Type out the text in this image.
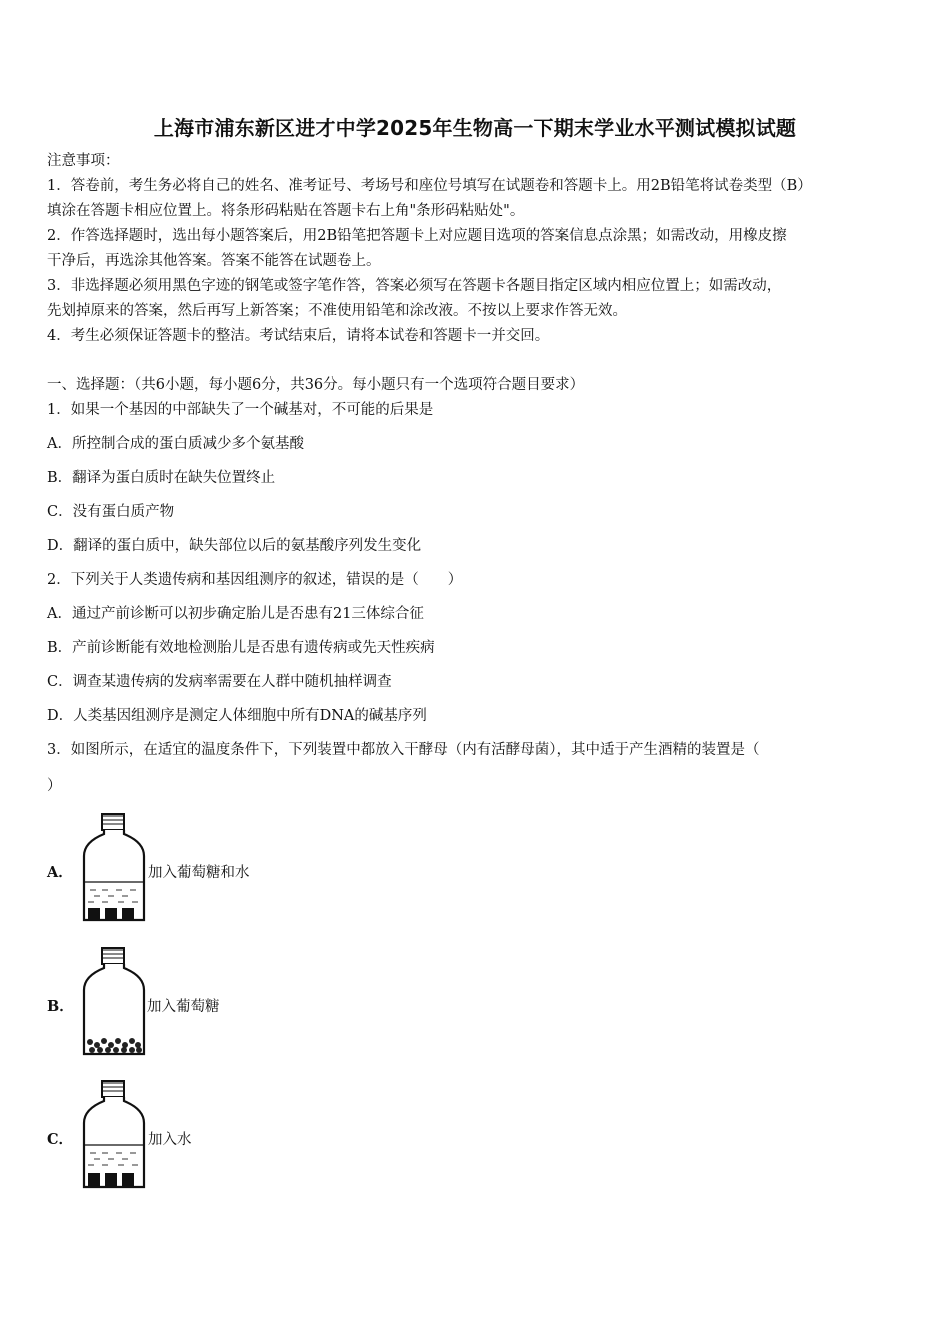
上海市浦东新区进才中学2025年生物高一下期末学业水平测试模拟试题
注意事项：
1．答卷前，考生务必将自己的姓名、准考证号、考场号和座位号填写在试题卷和答题卡上。用2B铅笔将试卷类型（B）
填涂在答题卡相应位置上。将条形码粘贴在答题卡右上角"条形码粘贴处"。
2．作答选择题时，选出每小题答案后，用2B铅笔把答题卡上对应题目选项的答案信息点涂黑；如需改动，用橡皮擦
干净后，再选涂其他答案。答案不能答在试题卷上。
3．非选择题必须用黑色字迹的钢笔或签字笔作答，答案必须写在答题卡各题目指定区域内相应位置上；如需改动，
先划掉原来的答案，然后再写上新答案；不准使用铅笔和涂改液。不按以上要求作答无效。
4．考生必须保证答题卡的整洁。考试结束后，请将本试卷和答题卡一并交回。
一、选择题：（共6小题，每小题6分，共36分。每小题只有一个选项符合题目要求）
1．如果一个基因的中部缺失了一个碱基对，不可能的后果是
A．所控制合成的蛋白质减少多个氨基酸
B．翻译为蛋白质时在缺失位置终止
C．没有蛋白质产物
D．翻译的蛋白质中，缺失部位以后的氨基酸序列发生变化
2．下列关于人类遗传病和基因组测序的叙述，错误的是（　　）
A．通过产前诊断可以初步确定胎儿是否患有21三体综合征
B．产前诊断能有效地检测胎儿是否患有遗传病或先天性疾病
C．调查某遗传病的发病率需要在人群中随机抽样调查
D．人类基因组测序是测定人体细胞中所有DNA的碱基序列
3．如图所示，在适宜的温度条件下，下列装置中都放入干酵母（内有活酵母菌），其中适于产生酒精的装置是（
）
A．	加入葡萄糖和水
B．	加入葡萄糖
C．	加入水
